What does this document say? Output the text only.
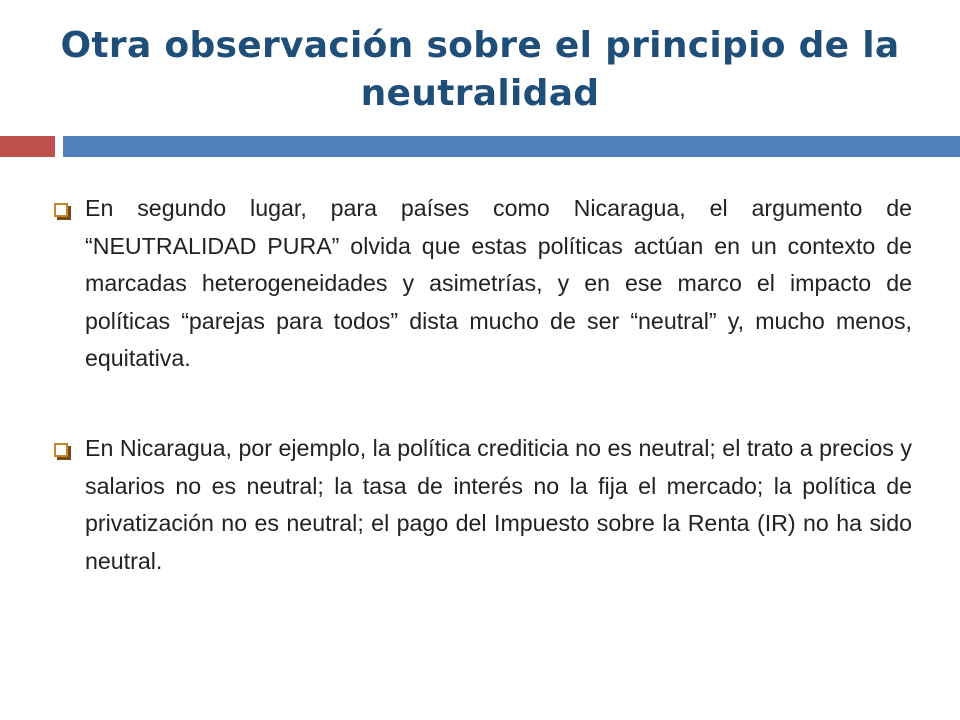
Otra observación sobre el principio de la neutralidad
En segundo lugar, para países como Nicaragua, el argumento de “NEUTRALIDAD PURA” olvida que estas políticas actúan en un contexto de marcadas heterogeneidades y asimetrías, y en ese marco el impacto de políticas “parejas para todos” dista mucho de ser “neutral” y, mucho menos, equitativa.
En Nicaragua, por ejemplo, la política crediticia no es neutral; el trato a precios y salarios no es neutral; la tasa de interés no la fija el mercado; la política de privatización no es neutral; el pago del Impuesto sobre la Renta (IR) no ha sido neutral.
